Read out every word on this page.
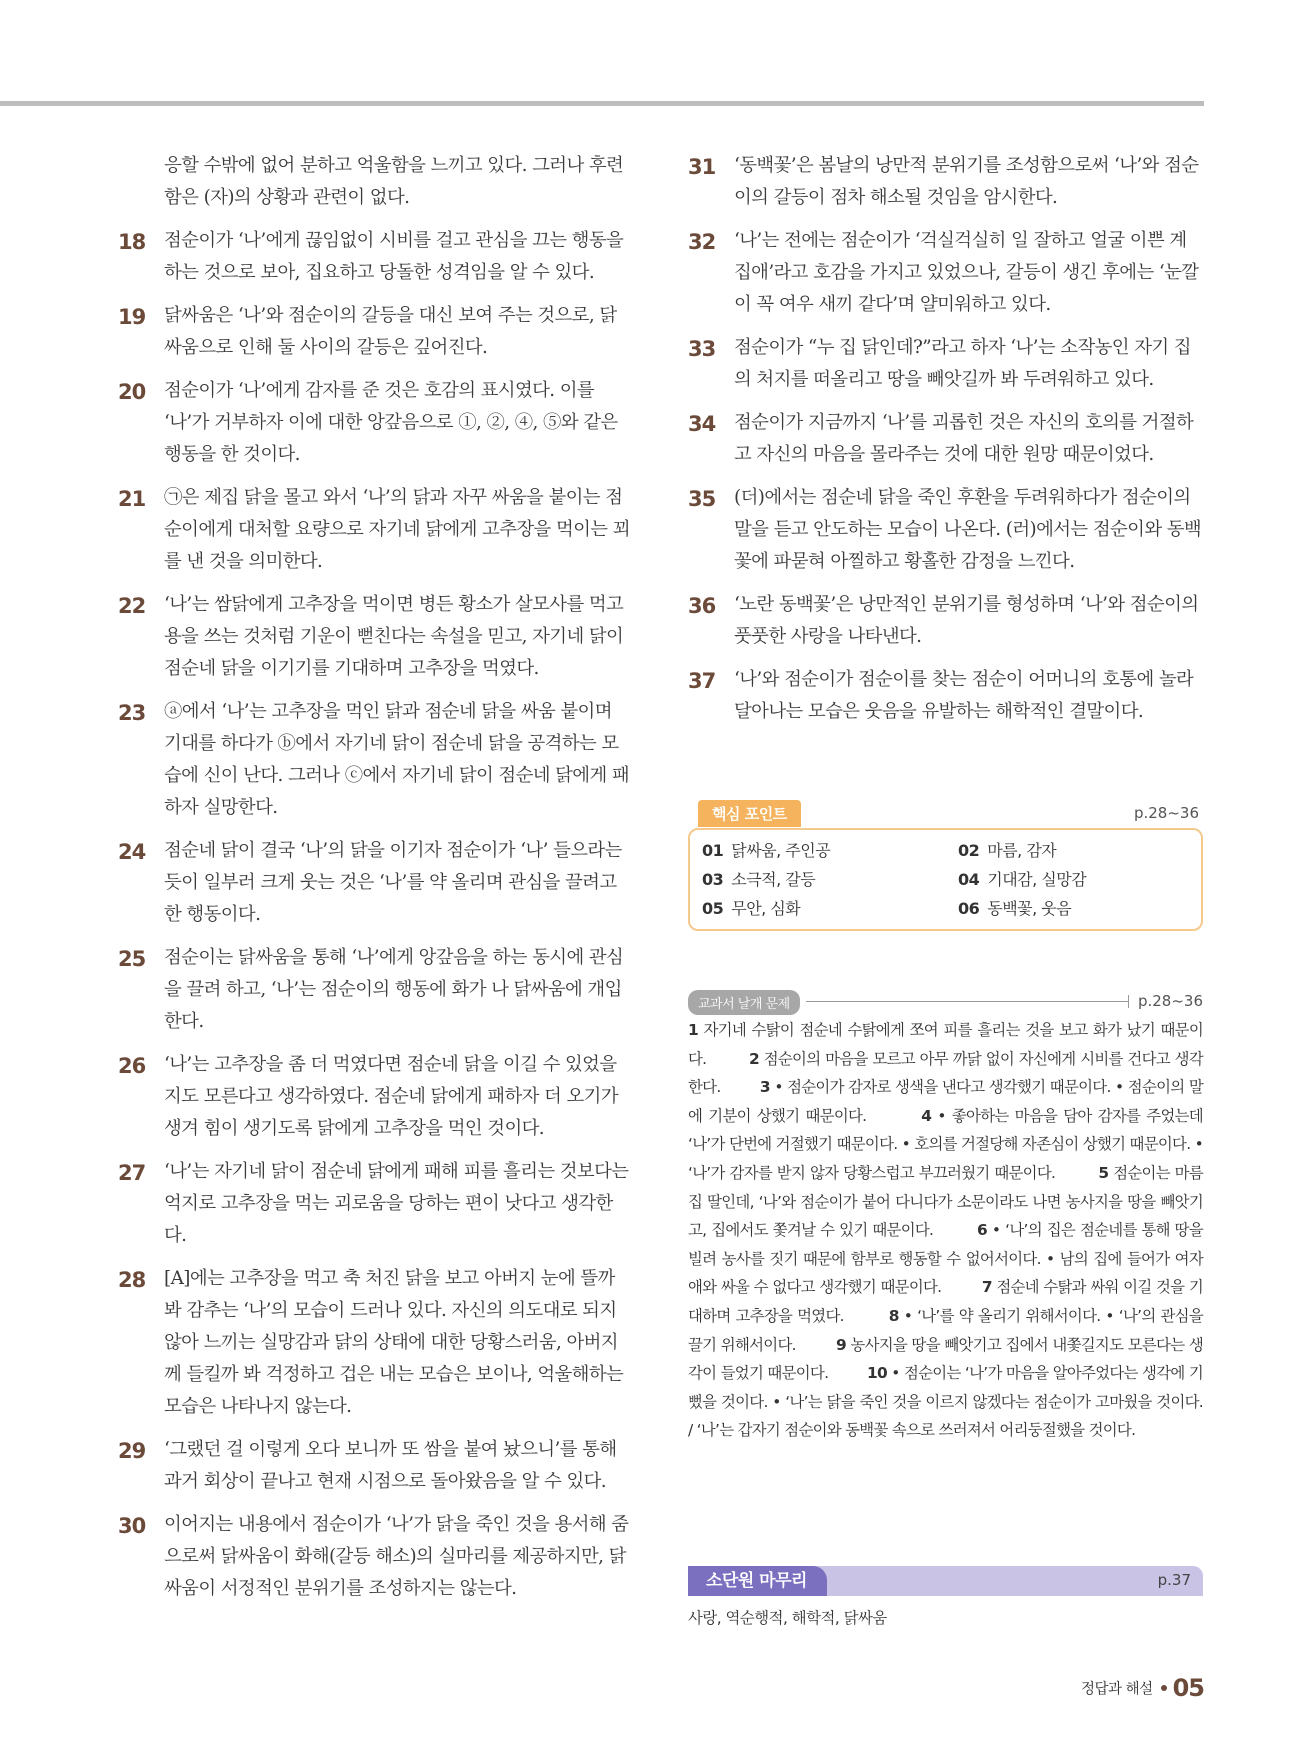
응할 수밖에 없어 분하고 억울함을 느끼고 있다. 그러나 후련함은 (자)의 상황과 관련이 없다.
18 점순이가 ‘나’에게 끊임없이 시비를 걸고 관심을 끄는 행동을 하는 것으로 보아, 집요하고 당돌한 성격임을 알 수 있다.
19 닭싸움은 ‘나’와 점순이의 갈등을 대신 보여 주는 것으로, 닭싸움으로 인해 둘 사이의 갈등은 깊어진다.
20 점순이가 ‘나’에게 감자를 준 것은 호감의 표시였다. 이를 ‘나’가 거부하자 이에 대한 앙갚음으로 ①, ②, ④, ⑤와 같은 행동을 한 것이다.
21 ㉠은 제집 닭을 몰고 와서 ‘나’의 닭과 자꾸 싸움을 붙이는 점순이에게 대처할 요량으로 자기네 닭에게 고추장을 먹이는 꾀를 낸 것을 의미한다.
22 ‘나’는 쌈닭에게 고추장을 먹이면 병든 황소가 살모사를 먹고 용을 쓰는 것처럼 기운이 뻗친다는 속설을 믿고, 자기네 닭이 점순네 닭을 이기기를 기대하며 고추장을 먹였다.
23 ⓐ에서 ‘나’는 고추장을 먹인 닭과 점순네 닭을 싸움 붙이며 기대를 하다가 ⓑ에서 자기네 닭이 점순네 닭을 공격하는 모습에 신이 난다. 그러나 ⓒ에서 자기네 닭이 점순네 닭에게 패하자 실망한다.
24 점순네 닭이 결국 ‘나’의 닭을 이기자 점순이가 ‘나’ 들으라는 듯이 일부러 크게 웃는 것은 ‘나’를 약 올리며 관심을 끌려고 한 행동이다.
25 점순이는 닭싸움을 통해 ‘나’에게 앙갚음을 하는 동시에 관심을 끌려 하고, ‘나’는 점순이의 행동에 화가 나 닭싸움에 개입한다.
26 ‘나’는 고추장을 좀 더 먹였다면 점순네 닭을 이길 수 있었을지도 모른다고 생각하였다. 점순네 닭에게 패하자 더 오기가 생겨 힘이 생기도록 닭에게 고추장을 먹인 것이다.
27 ‘나’는 자기네 닭이 점순네 닭에게 패해 피를 흘리는 것보다는 억지로 고추장을 먹는 괴로움을 당하는 편이 낫다고 생각한다.
28 [A]에는 고추장을 먹고 축 처진 닭을 보고 아버지 눈에 뜰까 봐 감추는 ‘나’의 모습이 드러나 있다. 자신의 의도대로 되지 않아 느끼는 실망감과 닭의 상태에 대한 당황스러움, 아버지께 들킬까 봐 걱정하고 겁은 내는 모습은 보이나, 억울해하는 모습은 나타나지 않는다.
29 ‘그랬던 걸 이렇게 오다 보니까 또 쌈을 붙여 놨으니’를 통해 과거 회상이 끝나고 현재 시점으로 돌아왔음을 알 수 있다.
30 이어지는 내용에서 점순이가 ‘나’가 닭을 죽인 것을 용서해 줌으로써 닭싸움이 화해(갈등 해소)의 실마리를 제공하지만, 닭싸움이 서정적인 분위기를 조성하지는 않는다.
31 ‘동백꽃’은 봄날의 낭만적 분위기를 조성함으로써 ‘나’와 점순이의 갈등이 점차 해소될 것임을 암시한다.
32 ‘나’는 전에는 점순이가 ‘걱실걱실히 일 잘하고 얼굴 이쁜 계집애’라고 호감을 가지고 있었으나, 갈등이 생긴 후에는 ‘눈깔이 꼭 여우 새끼 같다’며 얄미워하고 있다.
33 점순이가 “누 집 닭인데?”라고 하자 ‘나’는 소작농인 자기 집의 처지를 떠올리고 땅을 빼앗길까 봐 두려워하고 있다.
34 점순이가 지금까지 ‘나’를 괴롭힌 것은 자신의 호의를 거절하고 자신의 마음을 몰라주는 것에 대한 원망 때문이었다.
35 (더)에서는 점순네 닭을 죽인 후환을 두려워하다가 점순이의 말을 듣고 안도하는 모습이 나온다. (러)에서는 점순이와 동백꽃에 파묻혀 아찔하고 황홀한 감정을 느낀다.
36 ‘노란 동백꽃’은 낭만적인 분위기를 형성하며 ‘나’와 점순이의 풋풋한 사랑을 나타낸다.
37 ‘나’와 점순이가 점순이를 찾는 점순이 어머니의 호통에 놀라 달아나는 모습은 웃음을 유발하는 해학적인 결말이다.
핵심 포인트	p.28~36
01 닭싸움, 주인공	02 마름, 감자
03 소극적, 갈등	04 기대감, 실망감
05 무안, 심화	06 동백꽃, 웃음
교과서 날개 문제	p.28~36
1 자기네 수탉이 점순네 수탉에게 쪼여 피를 흘리는 것을 보고 화가 났기 때문이다.	2 점순이의 마음을 모르고 아무 까닭 없이 자신에게 시비를 건다고 생각한다.	3 • 점순이가 감자로 생색을 낸다고 생각했기 때문이다. • 점순이의 말에 기분이 상했기 때문이다.	4 • 좋아하는 마음을 담아 감자를 주었는데 ‘나’가 단번에 거절했기 때문이다. • 호의를 거절당해 자존심이 상했기 때문이다. • ‘나’가 감자를 받지 않자 당황스럽고 부끄러웠기 때문이다.	5 점순이는 마름 집 딸인데, ‘나’와 점순이가 붙어 다니다가 소문이라도 나면 농사지을 땅을 빼앗기고, 집에서도 쫓겨날 수 있기 때문이다.	6 • ‘나’의 집은 점순네를 통해 땅을 빌려 농사를 짓기 때문에 함부로 행동할 수 없어서이다. • 남의 집에 들어가 여자애와 싸울 수 없다고 생각했기 때문이다.	7 점순네 수탉과 싸워 이길 것을 기대하며 고추장을 먹였다.	8 • ‘나’를 약 올리기 위해서이다. • ‘나’의 관심을 끌기 위해서이다.	9 농사지을 땅을 빼앗기고 집에서 내쫓길지도 모른다는 생각이 들었기 때문이다.	10 • 점순이는 ‘나’가 마음을 알아주었다는 생각에 기뻤을 것이다. • ‘나’는 닭을 죽인 것을 이르지 않겠다는 점순이가 고마웠을 것이다. / ‘나’는 갑자기 점순이와 동백꽃 속으로 쓰러져서 어리둥절했을 것이다.
소단원 마무리	p.37
사랑, 역순행적, 해학적, 닭싸움
정답과 해설 05
